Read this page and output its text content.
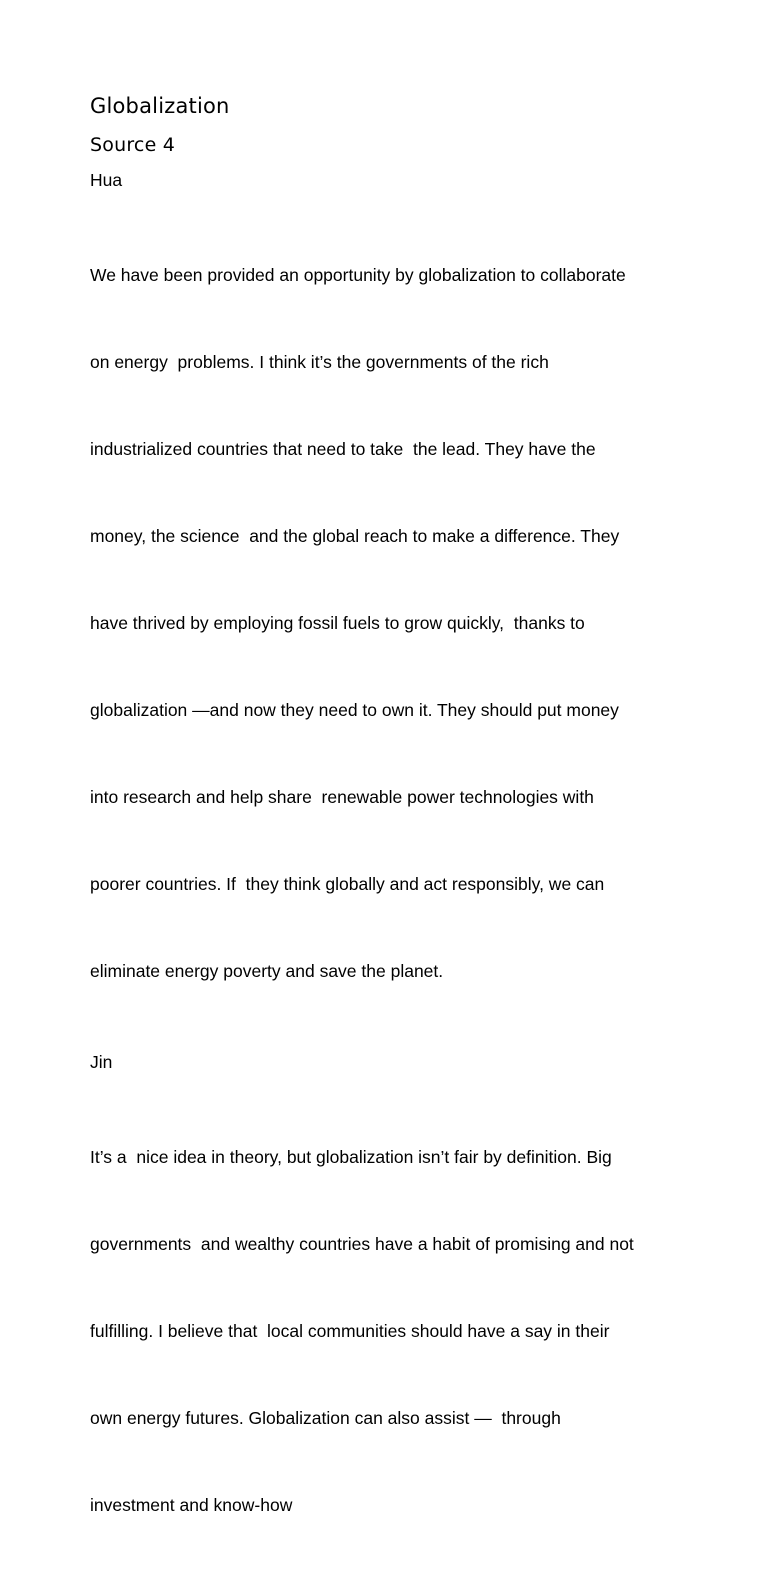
Globalization
Source 4
Hua

We have been provided an opportunity by globalization to collaborate

on energy  problems. I think it’s the governments of the rich

industrialized countries that need to take  the lead. They have the

money, the science  and the global reach to make a difference. They

have thrived by employing fossil fuels to grow quickly,  thanks to

globalization —and now they need to own it. They should put money

into research and help share  renewable power technologies with

poorer countries. If  they think globally and act responsibly, we can

eliminate energy poverty and save the planet.

Jin

It’s a  nice idea in theory, but globalization isn’t fair by definition. Big

governments  and wealthy countries have a habit of promising and not

fulfilling. I believe that  local communities should have a say in their

own energy futures. Globalization can also assist —  through

investment and know-how
